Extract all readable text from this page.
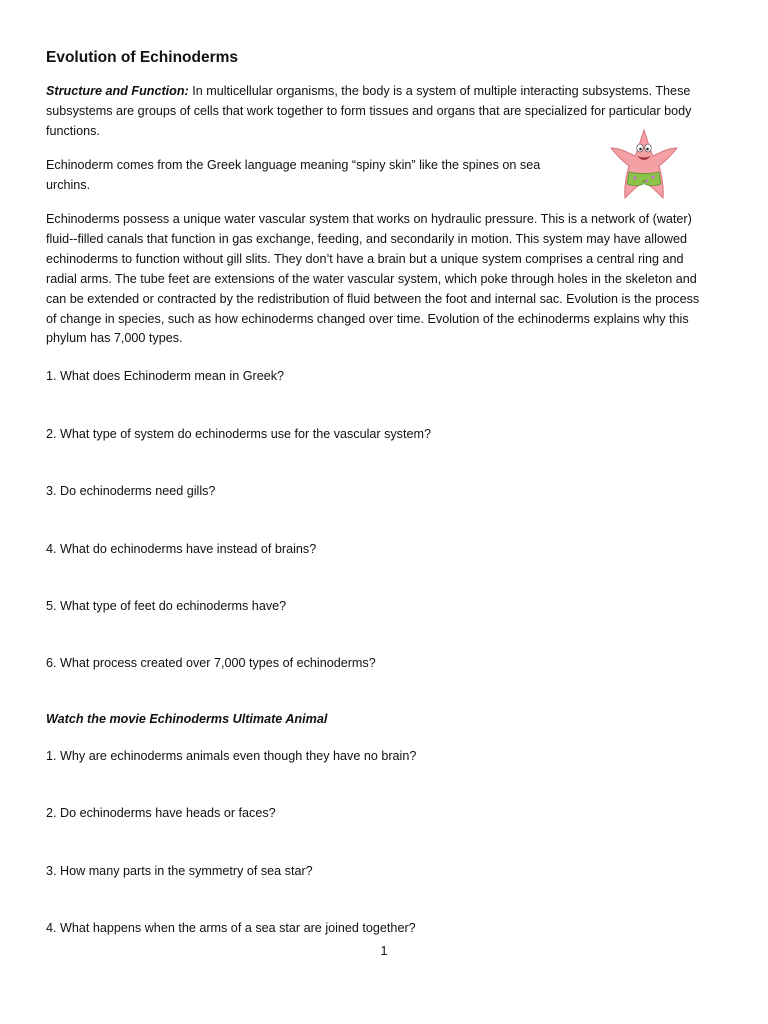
Evolution of Echinoderms

Structure and Function: In multicellular organisms, the body is a system of multiple interacting subsystems. These subsystems are groups of cells that work together to form tissues and organs that are specialized for particular body functions.

Echinoderm comes from the Greek language meaning “spiny skin” like the spines on sea
urchins.

Echinoderms possess a unique water vascular system that works on hydraulic pressure. This is a network of (water) fluid--filled canals that function in gas exchange, feeding, and secondarily in motion. This system may have allowed echinoderms to function without gill slits. They don’t have a brain but a unique system comprises a central ring and radial arms. The tube feet are extensions of the water vascular system, which poke through holes in the skeleton and can be extended or contracted by the redistribution of fluid between the foot and internal sac. Evolution is the process of change in species, such as how echinoderms changed over time. Evolution of the echinoderms explains why this phylum has 7,000 types.

1. What does Echinoderm mean in Greek?

2. What type of system do echinoderms use for the vascular system?

3. Do echinoderms need gills?

4. What do echinoderms have instead of brains?

5. What type of feet do echinoderms have?

6. What process created over 7,000 types of echinoderms?

Watch the movie Echinoderms Ultimate Animal

1. Why are echinoderms animals even though they have no brain?

2. Do echinoderms have heads or faces?

3. How many parts in the symmetry of sea star?

4. What happens when the arms of a sea star are joined together?

1
